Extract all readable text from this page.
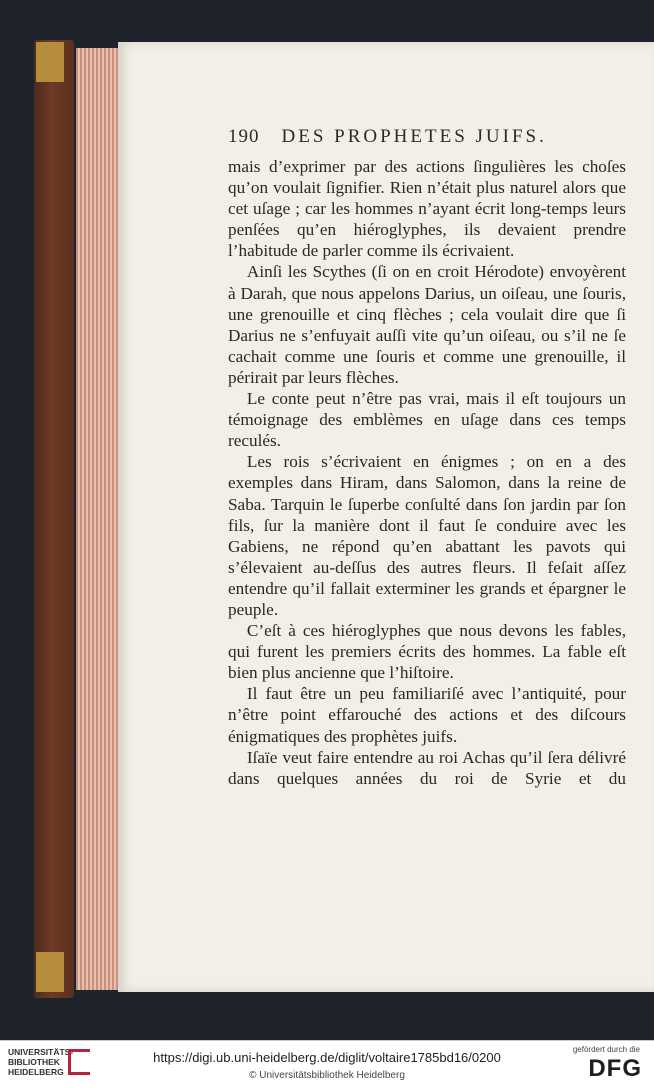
190 DES PROPHETES JUIFS.

mais d’exprimer par des actions ſingulières les choſes qu’on voulait ſignifier. Rien n’était plus naturel alors que cet uſage ; car les hommes n’ayant écrit long-temps leurs penſées qu’en hiéroglyphes, ils devaient prendre l’habitude de parler comme ils écrivaient.

Ainſi les Scythes (ſi on en croit Hérodote) envoyèrent à Darah, que nous appelons Darius, un oiſeau, une ſouris, une grenouille et cinq flèches ; cela voulait dire que ſi Darius ne s’enfuyait auſſi vite qu’un oiſeau, ou s’il ne ſe cachait comme une ſouris et comme une grenouille, il périrait par leurs flèches.

Le conte peut n’être pas vrai, mais il eſt toujours un témoignage des emblèmes en uſage dans ces temps reculés.

Les rois s’écrivaient en énigmes ; on en a des exemples dans Hiram, dans Salomon, dans la reine de Saba. Tarquin le ſuperbe conſulté dans ſon jardin par ſon fils, ſur la manière dont il faut ſe conduire avec les Gabiens, ne répond qu’en abattant les pavots qui s’élevaient au-deſſus des autres fleurs. Il feſait aſſez entendre qu’il fallait exterminer les grands et épargner le peuple.

C’eſt à ces hiéroglyphes que nous devons les fables, qui furent les premiers écrits des hommes. La fable eſt bien plus ancienne que l’hiſtoire.

Il faut être un peu familiariſé avec l’antiquité, pour n’être point effarouché des actions et des diſcours énigmatiques des prophètes juifs.

Iſaïe veut faire entendre au roi Achas qu’il ſera délivré dans quelques années du roi de Syrie et du

UNIVERSITÄTS- BIBLIOTHEK HEIDELBERG
https://digi.ub.uni-heidelberg.de/diglit/voltaire1785bd16/0200
© Universitätsbibliothek Heidelberg
gefördert durch die
DFG
